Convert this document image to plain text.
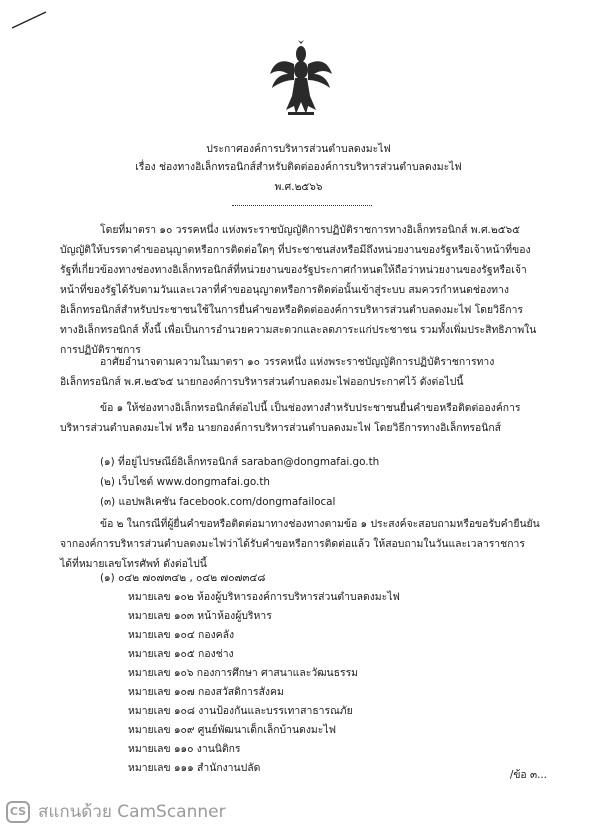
ประกาศองค์การบริหารส่วนตำบลดงมะไฟ
เรื่อง ช่องทางอิเล็กทรอนิกส์สำหรับติดต่อองค์การบริหารส่วนตำบลดงมะไฟ
พ.ศ.๒๕๖๖

โดยที่มาตรา ๑๐ วรรคหนึ่ง แห่งพระราชบัญญัติการปฏิบัติราชการทางอิเล็กทรอนิกส์ พ.ศ.๒๕๖๕ บัญญัติให้บรรดาคำขออนุญาตหรือการติดต่อใดๆ ที่ประชาชนส่งหรือมีถึงหน่วยงานของรัฐหรือเจ้าหน้าที่ของรัฐที่เกี่ยวข้องทางช่องทางอิเล็กทรอนิกส์ที่หน่วยงานของรัฐประกาศกำหนดให้ถือว่าหน่วยงานของรัฐหรือเจ้าหน้าที่ของรัฐได้รับตามวันและเวลาที่คำขออนุญาตหรือการติดต่อนั้นเข้าสู่ระบบ สมควรกำหนดช่องทางอิเล็กทรอนิกส์สำหรับประชาชนใช้ในการยื่นคำขอหรือติดต่อองค์การบริหารส่วนตำบลดงมะไฟ โดยวิธีการทางอิเล็กทรอนิกส์ ทั้งนี้ เพื่อเป็นการอำนวยความสะดวกและลดภาระแก่ประชาชน รวมทั้งเพิ่มประสิทธิภาพในการปฏิบัติราชการ

อาศัยอำนาจตามความในมาตรา ๑๐ วรรคหนึ่ง แห่งพระราชบัญญัติการปฏิบัติราชการทางอิเล็กทรอนิกส์ พ.ศ.๒๕๖๕ นายกองค์การบริหารส่วนตำบลดงมะไฟออกประกาศไว้ ดังต่อไปนี้

ข้อ ๑ ให้ช่องทางอิเล็กทรอนิกส์ต่อไปนี้ เป็นช่องทางสำหรับประชาชนยื่นคำขอหรือติดต่อองค์การบริหารส่วนตำบลดงมะไฟ หรือ นายกองค์การบริหารส่วนตำบลดงมะไฟ โดยวิธีการทางอิเล็กทรอนิกส์

(๑) ที่อยู่ไปรษณีย์อิเล็กทรอนิกส์ saraban@dongmafai.go.th
(๒) เว็บไซต์ www.dongmafai.go.th
(๓) แอปพลิเคชัน facebook.com/dongmafailocal

ข้อ ๒ ในกรณีที่ผู้ยื่นคำขอหรือติดต่อมาทางช่องทางตามข้อ ๑ ประสงค์จะสอบถามหรือขอรับคำยืนยันจากองค์การบริหารส่วนตำบลดงมะไฟว่าได้รับคำขอหรือการติดต่อแล้ว ให้สอบถามในวันและเวลาราชการได้ที่หมายเลขโทรศัพท์ ดังต่อไปนี้

(๑) ๐๔๒ ๗๐๗๓๔๒ , ๐๔๒ ๗๐๗๓๔๘
หมายเลข ๑๐๒ ห้องผู้บริหารองค์การบริหารส่วนตำบลดงมะไฟ
หมายเลข ๑๐๓ หน้าห้องผู้บริหาร
หมายเลข ๑๐๔ กองคลัง
หมายเลข ๑๐๕ กองช่าง
หมายเลข ๑๐๖ กองการศึกษา ศาสนาและวัฒนธรรม
หมายเลข ๑๐๗ กองสวัสดิการสังคม
หมายเลข ๑๐๘ งานป้องกันและบรรเทาสาธารณภัย
หมายเลข ๑๐๙ ศูนย์พัฒนาเด็กเล็กบ้านดงมะไฟ
หมายเลข ๑๑๐ งานนิติกร
หมายเลข ๑๑๑ สำนักงานปลัด
/ข้อ ๓...
CS สแกนด้วย CamScanner
